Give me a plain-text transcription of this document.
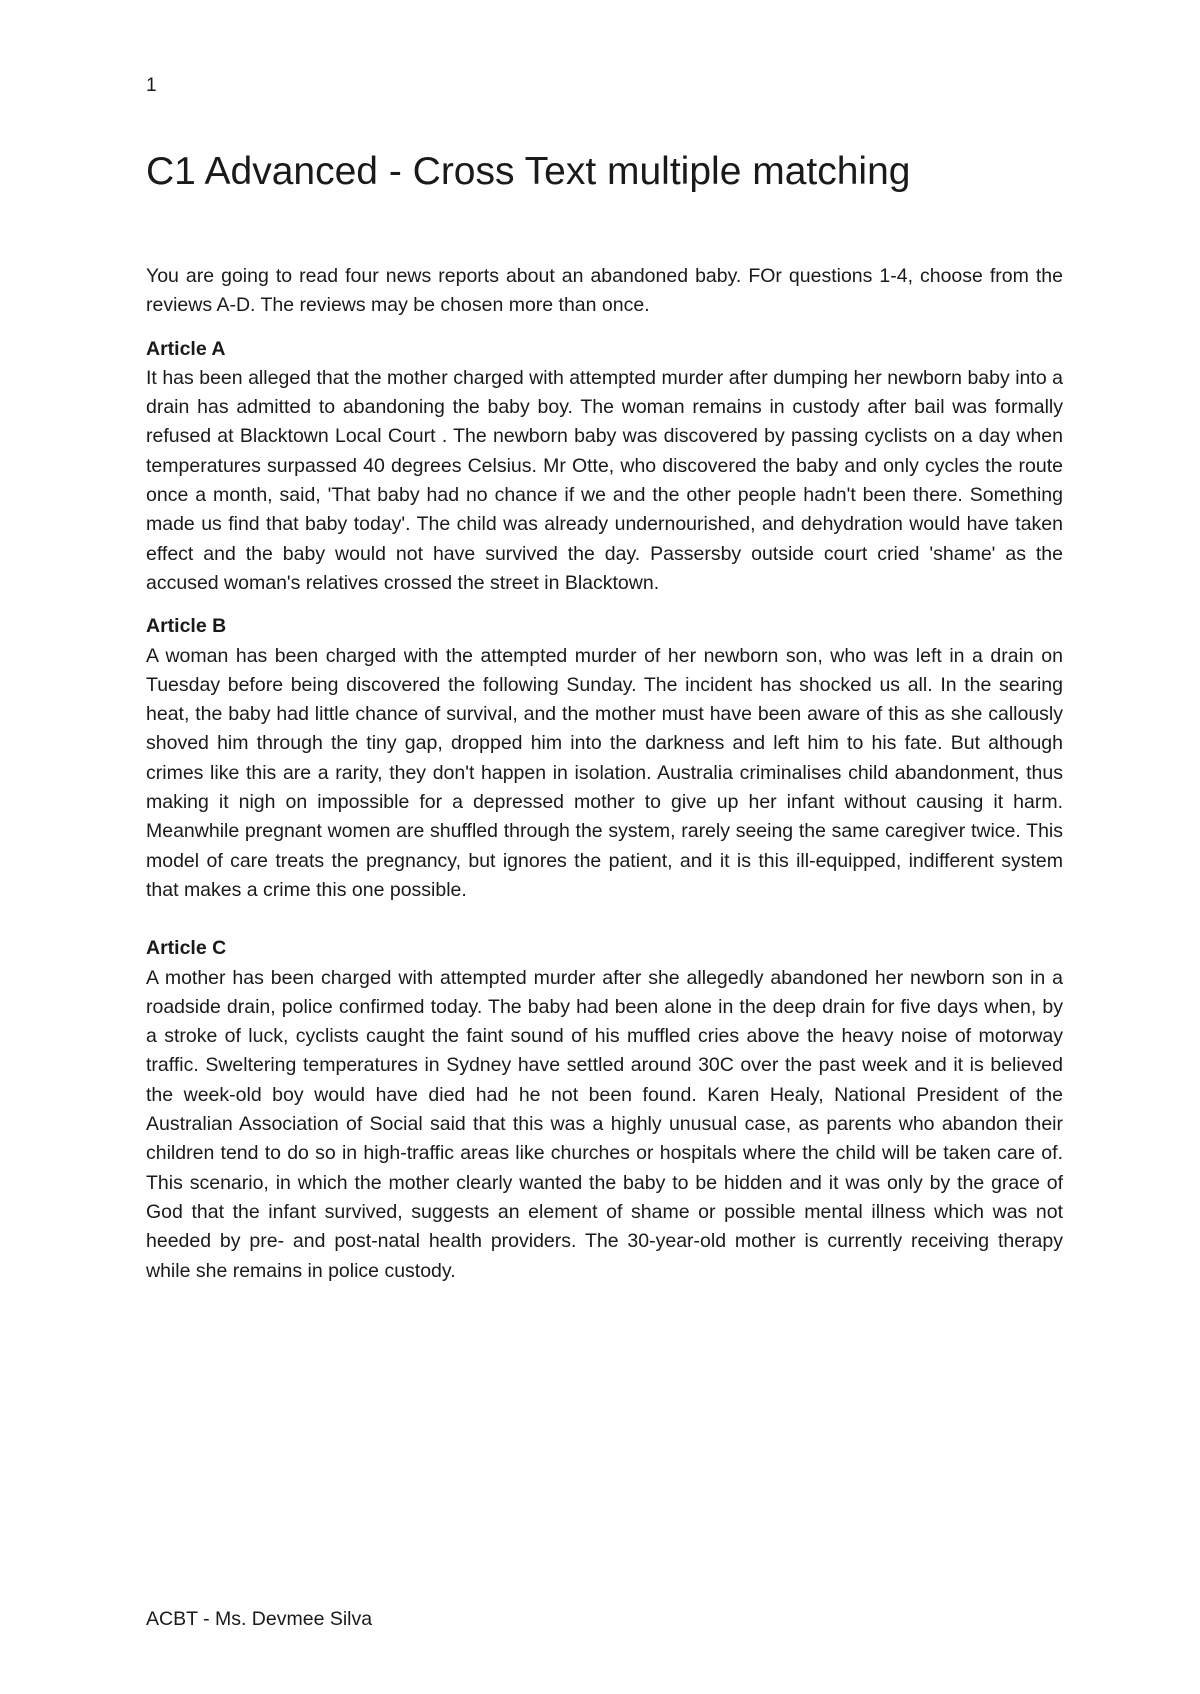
1
C1 Advanced - Cross Text multiple matching

You are going to read four news reports about an abandoned baby. FOr questions 1-4, choose from the reviews A-D. The reviews may be chosen more than once.

Article A

It has been alleged that the mother charged with attempted murder after dumping her newborn baby into a drain has admitted to abandoning the baby boy. The woman remains in custody after bail was formally refused at Blacktown Local Court . The newborn baby was discovered by passing cyclists on a day when temperatures surpassed 40 degrees Celsius. Mr Otte, who discovered the baby and only cycles the route once a month, said, 'That baby had no chance if we and the other people hadn't been there. Something made us find that baby today'. The child was already undernourished, and dehydration would have taken effect and the baby would not have survived the day. Passersby outside court cried 'shame' as the accused woman's relatives crossed the street in Blacktown.

Article B

A woman has been charged with the attempted murder of her newborn son, who was left in a drain on Tuesday before being discovered the following Sunday. The incident has shocked us all. In the searing heat, the baby had little chance of survival, and the mother must have been aware of this as she callously shoved him through the tiny gap, dropped him into the darkness and left him to his fate. But although crimes like this are a rarity, they don't happen in isolation. Australia criminalises child abandonment, thus making it nigh on impossible for a depressed mother to give up her infant without causing it harm. Meanwhile pregnant women are shuffled through the system, rarely seeing the same caregiver twice. This model of care treats the pregnancy, but ignores the patient, and it is this ill-equipped, indifferent system that makes a crime this one possible.

Article C

A mother has been charged with attempted murder after she allegedly abandoned her newborn son in a roadside drain, police confirmed today. The baby had been alone in the deep drain for five days when, by a stroke of luck, cyclists caught the faint sound of his muffled cries above the heavy noise of motorway traffic. Sweltering temperatures in Sydney have settled around 30C over the past week and it is believed the week-old boy would have died had he not been found. Karen Healy, National President of the Australian Association of Social said that this was a highly unusual case, as parents who abandon their children tend to do so in high-traffic areas like churches or hospitals where the child will be taken care of. This scenario, in which the mother clearly wanted the baby to be hidden and it was only by the grace of God that the infant survived, suggests an element of shame or possible mental illness which was not heeded by pre- and post-natal health providers. The 30-year-old mother is currently receiving therapy while she remains in police custody.

ACBT - Ms. Devmee Silva
